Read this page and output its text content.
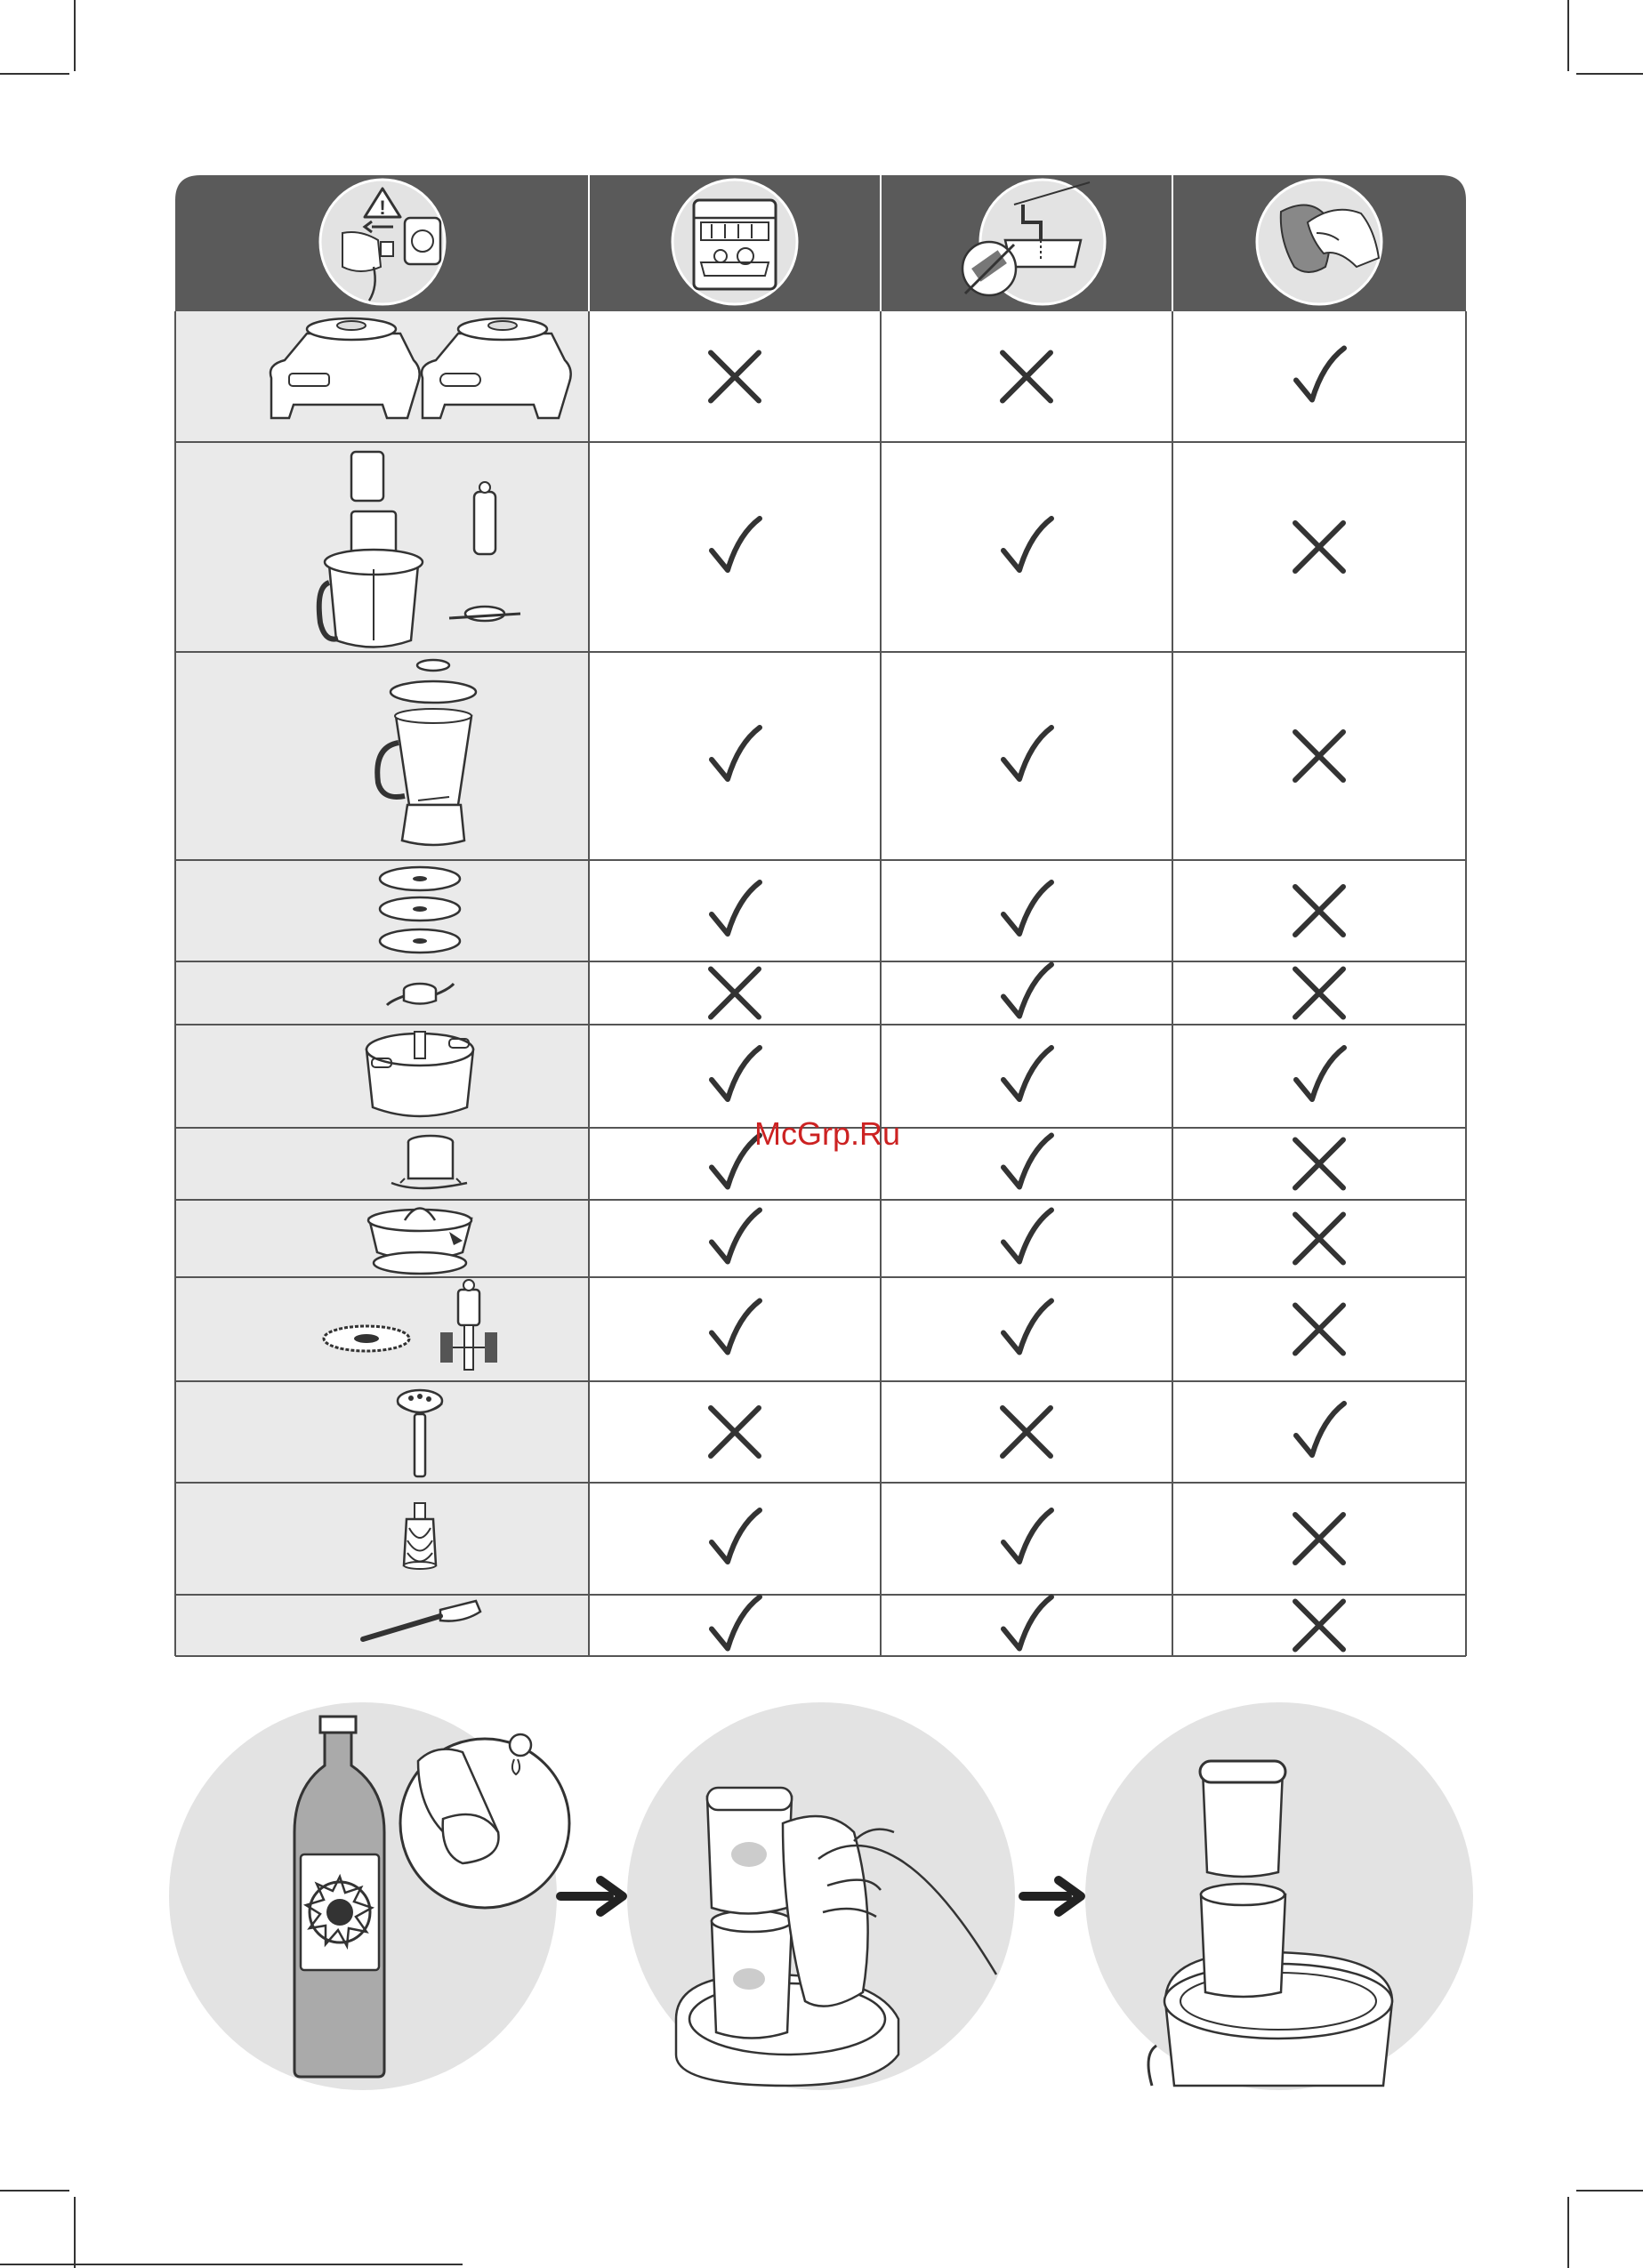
!
McGrp.Ru
